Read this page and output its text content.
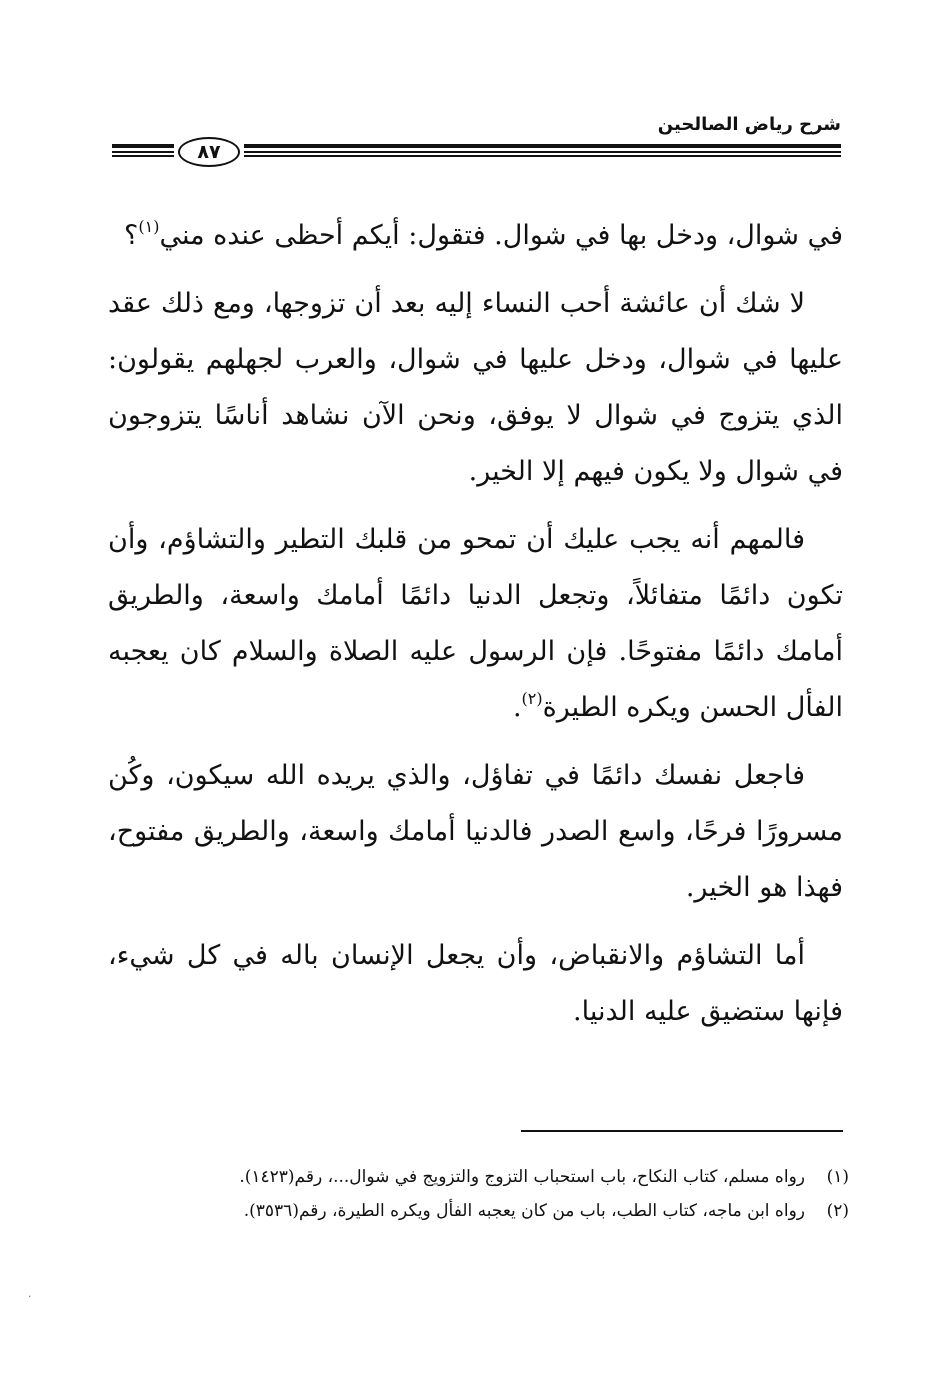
شرح رياض الصالحين
٨٧

في شوال، ودخل بها في شوال. فتقول: أيكم أحظى عنده مني$^{(١)}$؟

لا شك أن عائشة أحب النساء إليه بعد أن تزوجها، ومع ذلك عقد عليها في شوال، ودخل عليها في شوال، والعرب لجهلهم يقولون: الذي يتزوج في شوال لا يوفق، ونحن الآن نشاهد أناسًا يتزوجون في شوال ولا يكون فيهم إلا الخير.

فالمهم أنه يجب عليك أن تمحو من قلبك التطير والتشاؤم، وأن تكون دائمًا متفائلاً، وتجعل الدنيا دائمًا أمامك واسعة، والطريق أمامك دائمًا مفتوحًا. فإن الرسول عليه الصلاة والسلام كان يعجبه الفأل الحسن ويكره الطيرة$^{(٢)}$.

فاجعل نفسك دائمًا في تفاؤل، والذي يريده الله سيكون، وكُن مسرورًا فرحًا، واسع الصدر فالدنيا أمامك واسعة، والطريق مفتوح، فهذا هو الخير.

أما التشاؤم والانقباض، وأن يجعل الإنسان باله في كل شيء، فإنها ستضيق عليه الدنيا.

(١)
رواه مسلم، كتاب النكاح، باب استحباب التزوج والتزويج في شوال...، رقم(١٤٢٣).
(٢)
رواه ابن ماجه، كتاب الطب، باب من كان يعجبه الفأل ويكره الطيرة، رقم(٣٥٣٦).
·
